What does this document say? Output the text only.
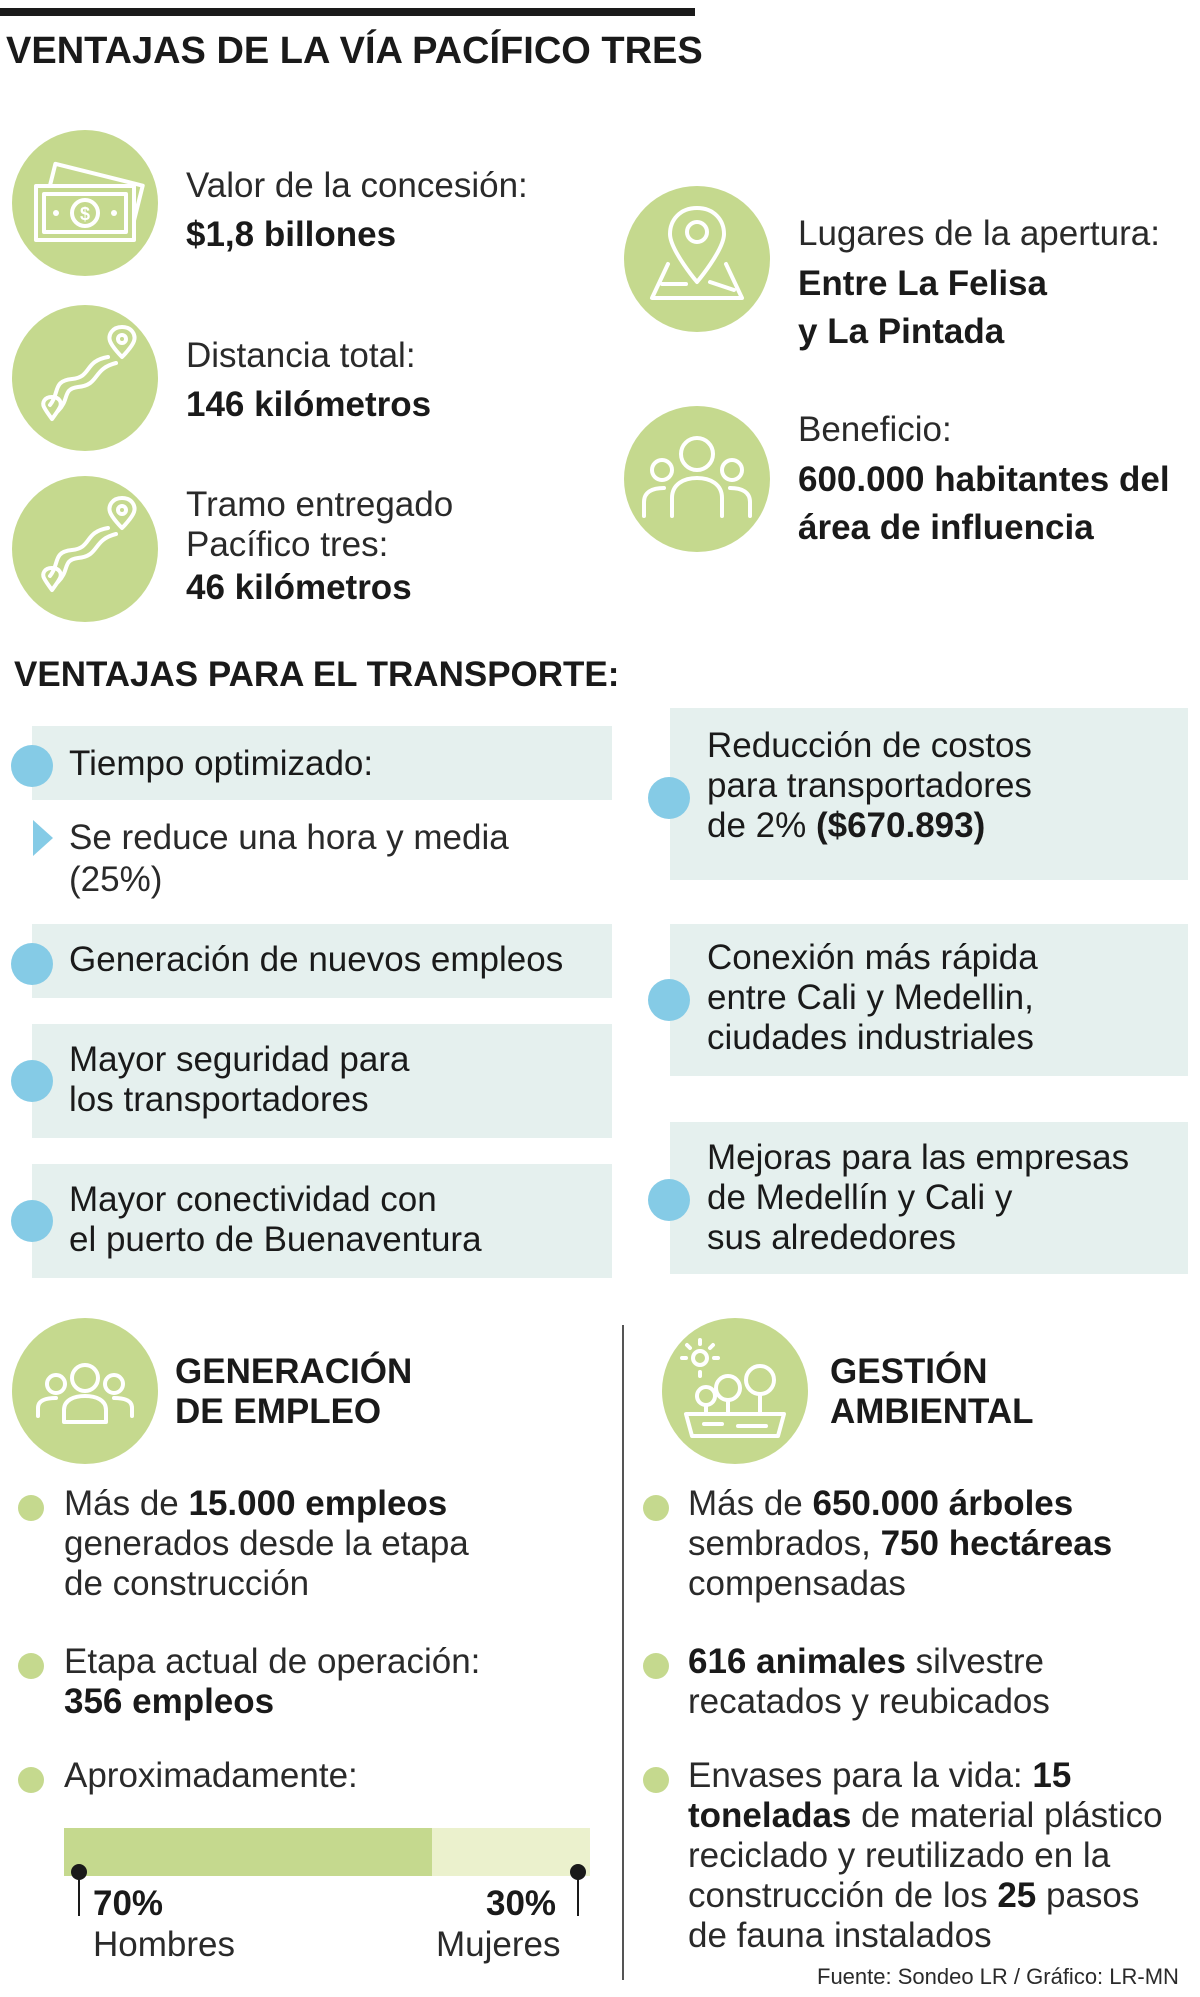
VENTAJAS DE LA VÍA PACÍFICO TRES
$
Valor de la concesión:
$1,8 billones
Distancia total:
146 kilómetros
Tramo entregado
Pacífico tres:
46 kilómetros
Lugares de la apertura:
Entre La Felisa
y La Pintada
Beneficio:
600.000 habitantes del
área de influencia
VENTAJAS PARA EL TRANSPORTE:
Tiempo optimizado:
Se reduce una hora y media
(25%)
Generación de nuevos empleos
Mayor seguridad para
los transportadores
Mayor conectividad con
el puerto de Buenaventura
Reducción de costos
para transportadores
de 2% ($670.893)
Conexión más rápida
entre Cali y Medellin,
ciudades industriales
Mejoras para las empresas
de Medellín y Cali y
sus alrededores
GENERACIÓN
DE EMPLEO
Más de 15.000 empleos
generados desde la etapa
de construcción
Etapa actual de operación:
356 empleos
Aproximadamente:
70%
Hombres
30%
Mujeres
GESTIÓN
AMBIENTAL
Más de 650.000 árboles
sembrados, 750 hectáreas
compensadas
616 animales silvestre
recatados y reubicados
Envases para la vida: 15
toneladas de material plástico
reciclado y reutilizado en la
construcción de los 25 pasos
de fauna instalados
Fuente: Sondeo LR / Gráfico: LR-MN
